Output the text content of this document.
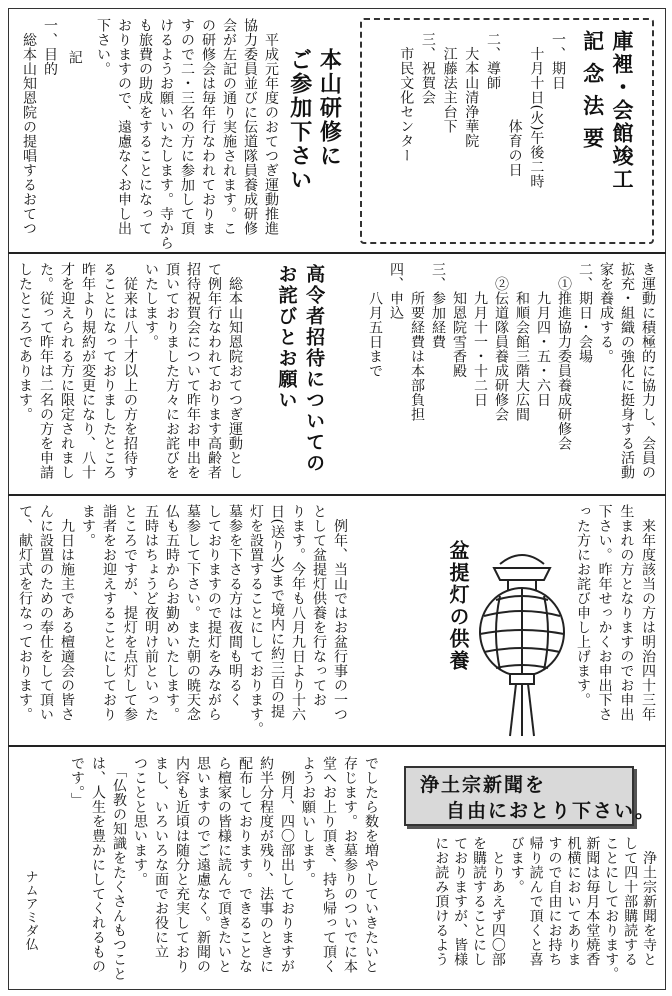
庫裡・会館竣工
記 念 法 要
一、期日
　十月十日(火)午後二時
　　　　　　体育の日
二、導師
　大本山清浄華院
　江藤法主台下
三、祝賀会
　市民文化センター
本山研修に
ご参加下さい
　平成元年度のおてつぎ運動推進
協力委員並びに伝道隊員養成研修
会が左記の通り実施されます。こ
の研修会は毎年行なわれておりま
すので二・三名の方に参加して頂
けるようお願いいたします。寺から
も旅費の助成をすることになって
おりますので、遠慮なくお申し出
下さい。
記
一、目的
　総本山知恩院の提唱するおてつ
き運動に積極的に協力し、会員の
拡充・組織の強化に挺身する活動
家を養成する。
二、期日・会場
　①推進協力委員養成研修会
　　九月四・五・六日
　　和順会館三階大広間
　②伝道隊員養成研修会
　　九月十一・十二日
　　知恩院雪香殿
三、参加経費
　　所要経費は本部負担
四、申込
　　八月五日まで
高令者招待についての
お詫びとお願い
　総本山知恩院おてつぎ運動とし
て例年行なわれております高齢者
招待祝賀会について昨年お申出を
頂いておりました方々にお詫びを
いたします。
　従来は八十才以上の方を招待す
ることになっておりましたところ
昨年より規約が変更になり、八十
才を迎えられる方に限定されまし
た。従って昨年は二名の方を申請
したところであります。
　来年度該当の方は明治四十三年
生まれの方となりますのでお申出
下さい。昨年せっかくお申出下さ
った方にお詫び申し上げます。
盆提灯の供養
　例年、当山ではお盆行事の一つ
として盆提灯供養を行なってお
ります。今年も八月九日より十六
日(送り火)まで境内に約三百の提
灯を設置することにしております。
墓参を下さる方は夜間も明るく
しておりますので提灯をみながら
墓参して下さい。また朝の暁天念
仏も五時からお勤めいたします。
五時はちょうど夜明け前といった
ところですが、提灯を点灯して参
詣者をお迎えすることにしており
ます。
　九日は施主である檀適会の皆さ
んに設置のための奉仕をして頂い
て、献灯式を行なっております。
浄土宗新聞を
自由におとり下さい。
　浄土宗新聞を寺と
して四十部購読する
ことにしております。
新聞は毎月本堂焼香
机横においてありま
すので自由にお持ち
帰り読んで頂くと喜
びます。
　とりあえず四〇部
を購読することにし
ておりますが、皆様
にお読み頂けるよう
でしたら数を増やしていきたいと
存じます。お墓参りのついでに本
堂へお上り頂き、持ち帰って頂く
ようお願いします。
　例月、四〇部出しておりますが
約半分程度が残り、法事のときに
配布しております。できることな
ら檀家の皆様に読んで頂きたいと
思いますのでご遠慮なく。新聞の
内容も近頃は随分と充実しており
まし、いろいろな面でお役に立
つことと思います。
　「仏教の知識をたくさんもつこと
は、人生を豊かにしてくれるもの
です。」
ナムアミダ仏
